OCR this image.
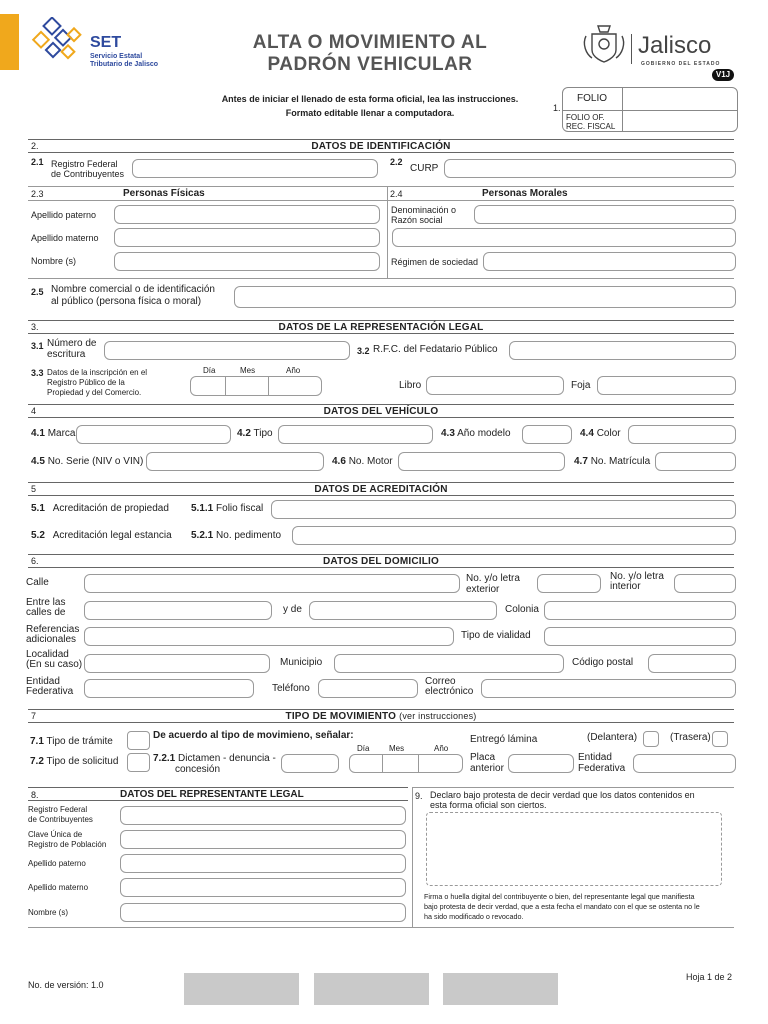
SET
Servicio Estatal
Tributario de Jalisco
ALTA O MOVIMIENTO AL
PADRÓN VEHICULAR
Jalisco
GOBIERNO DEL ESTADO
V1J
Antes de iniciar el llenado de esta forma oficial, lea las instrucciones.
Formato editable llenar a computadora.	1.
FOLIO
FOLIO OF.
REC. FISCAL
2.	DATOS DE IDENTIFICACIÓN
2.1 Registro Federal
de Contribuyentes
2.2
CURP
2.3	Personas Físicas	2.4	Personas Morales
Apellido paterno
Apellido materno
Nombre (s)
Denominación o
Razón social
Régimen de sociedad
2.5 Nombre comercial o de identificación
al público (persona física o moral)
3.	DATOS DE LA REPRESENTACIÓN LEGAL
3.1 Número de
escritura	3.2 R.F.C. del Fedatario Público
3.3 Datos de la inscripción en el
Registro Público de la
Propiedad y del Comercio.
Día	Mes	Año
Libro	Foja
4	DATOS DEL VEHÍCULO
4.1 Marca	4.2 Tipo	4.3 Año modelo	4.4 Color
4.5 No. Serie (NIV o VIN)	4.6 No. Motor	4.7 No. Matrícula
5	DATOS DE ACREDITACIÓN
5.1 Acreditación de propiedad 5.1.1 Folio fiscal
5.2 Acreditación legal estancia 5.2.1 No. pedimento
6.	DATOS DEL DOMICILIO
Calle	No. y/o letra
exterior
No. y/o letra
interior
Entre las
calles de	y de	Colonia
Referencias
adicionales	Tipo de vialidad
Localidad
(En su caso)	Municipio	Código postal
Entidad
Federativa	Teléfono
Correo
electrónico
7	TIPO DE MOVIMIENTO (ver instrucciones)
7.1 Tipo de trámite
De acuerdo al tipo de movimieno, señalar:	Entregó lámina	(Delantera)	(Trasera)
Día Mes	Año
7.2 Tipo de solicitud	7.2.1 Dictamen - denuncia -
concesión
Placa
anterior
Entidad
Federativa
8.	DATOS DEL REPRESENTANTE LEGAL
Registro Federal
de Contribuyentes
Clave Única de
Registro de Población
Apellido paterno
Apellido materno
Nombre (s)
9. Declaro bajo protesta de decir verdad que los datos contenidos en
esta forma oficial son ciertos.
Firma o huella digital del contribuyente o bien, del representante legal que manifiesta
bajo protesta de decir verdad, que a esta fecha el mandato con el que se ostenta no le
ha sido modificado o revocado.
No. de versión: 1.0
Hoja 1 de 2
